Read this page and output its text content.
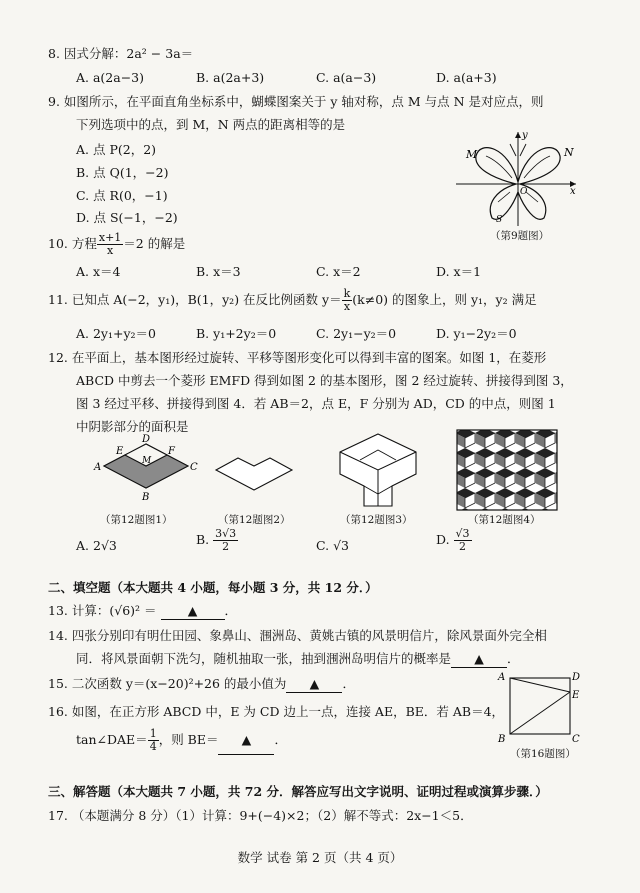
8. 因式分解：2a² − 3a＝
A. a(2a−3)	B. a(2a+3)	C. a(a−3)	D. a(a+3)
9. 如图所示，在平面直角坐标系中，蝴蝶图案关于 y 轴对称，点 M 与点 N 是对应点，则
下列选项中的点，到 M，N 两点的距离相等的是
A. 点 P(2，2)
B. 点 Q(1，−2)
C. 点 R(0，−1)
D. 点 S(−1，−2)
M	N
y
x
O
S
（第9题图）
10. 方程 $\frac{x+1}{x} =2$ 的解是
A. x＝4	B. x＝3	C. x＝2	D. x＝1
11. 已知点 A(−2，y₁)，B(1，y₂) 在反比例函数 $y= \frac{k}{x} (k\ne 0)$ 的图象上，则 y₁，y₂ 满足
A. 2y₁+y₂＝0	B. y₁+2y₂＝0	C. 2y₁−y₂＝0	D. y₁−2y₂＝0
12. 在平面上，基本图形经过旋转、平移等图形变化可以得到丰富的图案。如图 1，在菱形
ABCD 中剪去一个菱形 EMFD 得到如图 2 的基本图形，图 2 经过旋转、拼接得到图 3，
图 3 经过平移、拼接得到图 4．若 AB＝2，点 E，F 分别为 AD，CD 的中点，则图 1
中阴影部分的面积是
A
B
C
D
E	F
M
（第12题图1）	（第12题图2）	（第12题图3）	（第12题图4）
A. 2√3	B. $\frac{3√3}{2}$	C. √3	D. $\frac{√3}{2}$
二、填空题（本大题共 4 小题，每小题 3 分，共 12 分．）
13. 计算：(√6)² ＝ ▲ ．
14. 四张分别印有明仕田园、象鼻山、涠洲岛、黄姚古镇的风景明信片，除风景面外完全相
同．将风景面朝下洗匀，随机抽取一张，抽到涠洲岛明信片的概率是 ▲ ．
15. 二次函数 y＝(x−20)²+26 的最小值为 ▲ ．
16. 如图，在正方形 ABCD 中，E 为 CD 边上一点，连接 AE，BE．若 AB＝4，
tan∠DAE＝ $\frac{1}{4}$ ，则 BE＝ ▲ ．
A
B	C
D
E
（第16题图）
三、解答题（本大题共 7 小题，共 72 分．解答应写出文字说明、证明过程或演算步骤．）
17. （本题满分 8 分）（1）计算：9+(−4)×2；（2）解不等式：2x−1＜5．
数学 试卷 第 2 页（共 4 页）
